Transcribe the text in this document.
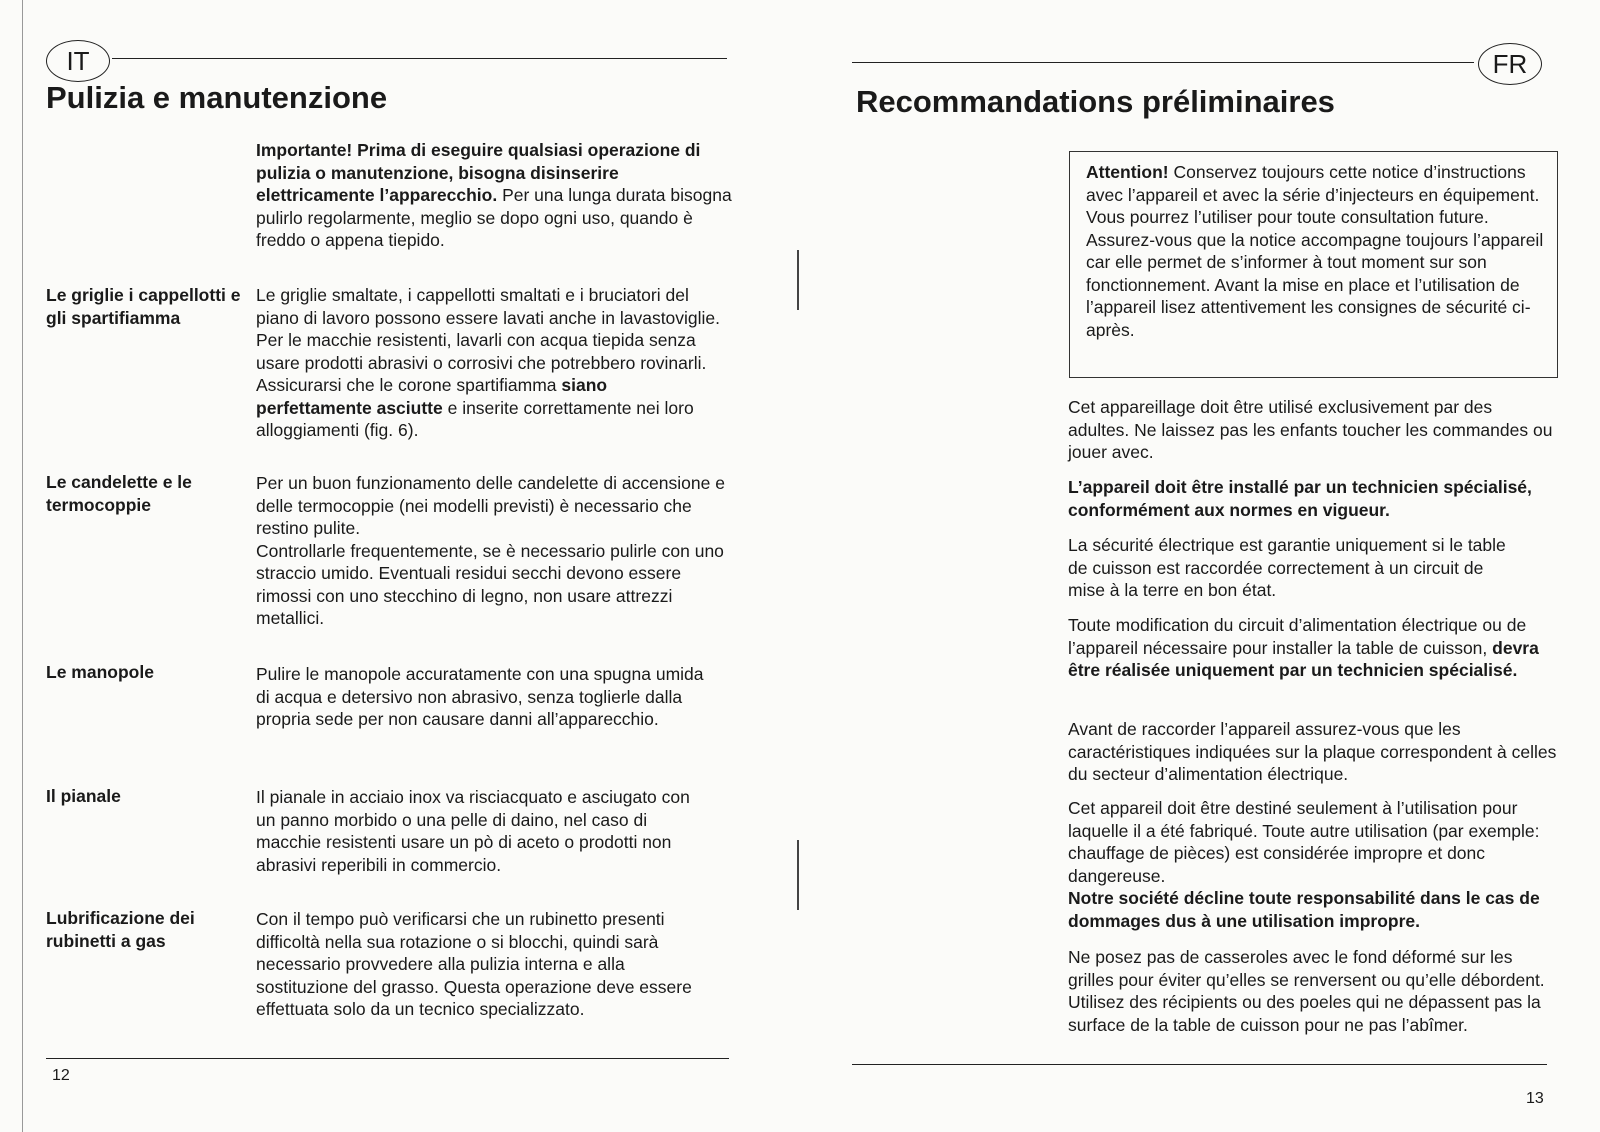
IT
Pulizia e manutenzione

Importante! Prima di eseguire qualsiasi operazione di pulizia o manutenzione, bisogna disinserire elettricamente l’apparecchio. Per una lunga durata bisogna pulirlo regolarmente, meglio se dopo ogni uso, quando è freddo o appena tiepido.

Le griglie i cappellotti e gli spartifiamma

Le griglie smaltate, i cappellotti smaltati e i bruciatori del piano di lavoro possono essere lavati anche in lavastoviglie. Per le macchie resistenti, lavarli con acqua tiepida senza usare prodotti abrasivi o corrosivi che potrebbero rovinarli. Assicurarsi che le corone spartifiamma siano perfettamente asciutte e inserite correttamente nei loro alloggiamenti (fig. 6).

Le candelette e le termocoppie

Per un buon funzionamento delle candelette di accensione e delle termocoppie (nei modelli previsti) è necessario che restino pulite.
Controllarle frequentemente, se è necessario pulirle con uno straccio umido. Eventuali residui secchi devono essere rimossi con uno stecchino di legno, non usare attrezzi metallici.

Le manopole	Pulire le manopole accuratamente con una spugna umida di acqua e detersivo non abrasivo, senza toglierle dalla propria sede per non causare danni all’apparecchio.

Il pianale	Il pianale in acciaio inox va risciacquato e asciugato con un panno morbido o una pelle di daino, nel caso di macchie resistenti usare un pò di aceto o prodotti non abrasivi reperibili in commercio.

Lubrificazione dei rubinetti a gas

Con il tempo può verificarsi che un rubinetto presenti difficoltà nella sua rotazione o si blocchi, quindi sarà necessario provvedere alla pulizia interna e alla sostituzione del grasso. Questa operazione deve essere effettuata solo da un tecnico specializzato.

12
FR
Recommandations préliminaires

Attention! Conservez toujours cette notice d’instructions avec l’appareil et avec la série d’injecteurs en équipement. Vous pourrez l’utiliser pour toute consultation future.
Assurez-vous que la notice accompagne toujours l’appareil car elle permet de s’informer à tout moment sur son fonctionnement. Avant la mise en place et l’utilisation de l’appareil lisez attentivement les consignes de sécurité ci-après.

Cet appareillage doit être utilisé exclusivement par des adultes. Ne laissez pas les enfants toucher les commandes ou jouer avec.

L’appareil doit être installé par un technicien spécialisé, conformément aux normes en vigueur.

La sécurité électrique est garantie uniquement si le table de cuisson est raccordée correctement à un circuit de mise à la terre en bon état.

Toute modification du circuit d’alimentation électrique ou de l’appareil nécessaire pour installer la table de cuisson, devra être réalisée uniquement par un technicien spécialisé.

Avant de raccorder l’appareil assurez-vous que les caractéristiques indiquées sur la plaque correspondent à celles du secteur d’alimentation électrique.

Cet appareil doit être destiné seulement à l’utilisation pour laquelle il a été fabriqué. Toute autre utilisation (par exemple: chauffage de pièces) est considérée impropre et donc dangereuse.
Notre société décline toute responsabilité dans le cas de dommages dus à une utilisation impropre.

Ne posez pas de casseroles avec le fond déformé sur les grilles pour éviter qu’elles se renversent ou qu’elle débordent. Utilisez des récipients ou des poeles qui ne dépassent pas la surface de la table de cuisson pour ne pas l’abîmer.

13
